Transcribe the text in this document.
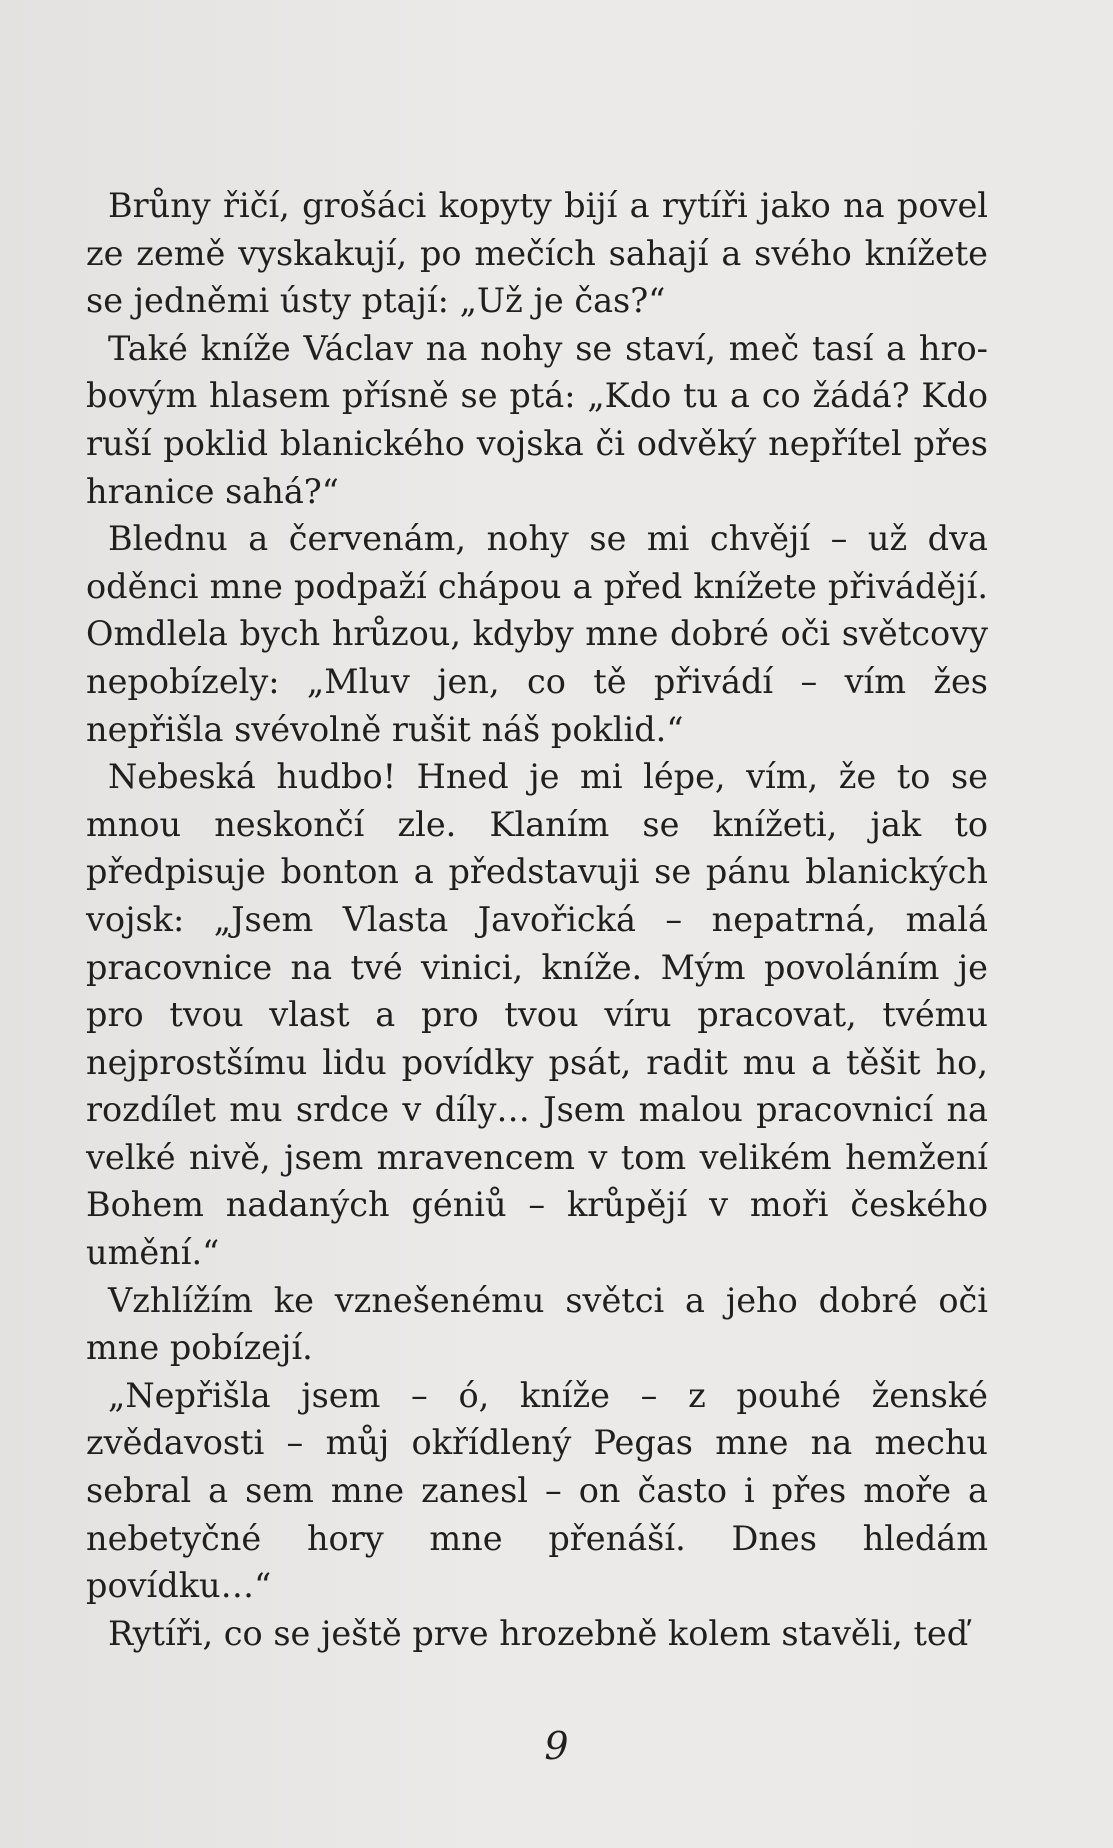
Brůny řičí, grošáci kopyty bijí a rytíři jako na povel ze země vyskakují, po mečích sahají a svého knížete se jedněmi ústy ptají: „Už je čas?“

Také kníže Václav na nohy se staví, meč tasí a hrobovým hlasem přísně se ptá: „Kdo tu a co žádá? Kdo ruší poklid blanického vojska či odvěký nepřítel přes hranice sahá?“

Blednu a červenám, nohy se mi chvějí – už dva oděnci mne podpaží chápou a před knížete přivádějí. Omdlela bych hrůzou, kdyby mne dobré oči světcovy nepobízely: „Mluv jen, co tě přivádí – vím žes nepřišla svévolně rušit náš poklid.“

Nebeská hudbo! Hned je mi lépe, vím, že to se mnou neskončí zle. Klaním se knížeti, jak to předpisuje bonton a představuji se pánu blanických vojsk: „Jsem Vlasta Javořická – nepatrná, malá pracovnice na tvé vinici, kníže. Mým povoláním je pro tvou vlast a pro tvou víru pracovat, tvému nejprostšímu lidu povídky psát, radit mu a těšit ho, rozdílet mu srdce v díly… Jsem malou pracovnicí na velké nivě, jsem mravencem v tom velikém hemžení Bohem nadaných géniů – krůpějí v moři českého umění.“

Vzhlížím ke vznešenému světci a jeho dobré oči mne pobízejí.

„Nepřišla jsem – ó, kníže – z pouhé ženské zvědavosti – můj okřídlený Pegas mne na mechu sebral a sem mne zanesl – on často i přes moře a nebetyčné hory mne přenáší. Dnes hledám povídku…“

Rytíři, co se ještě prve hrozebně kolem stavěli, teď

9
